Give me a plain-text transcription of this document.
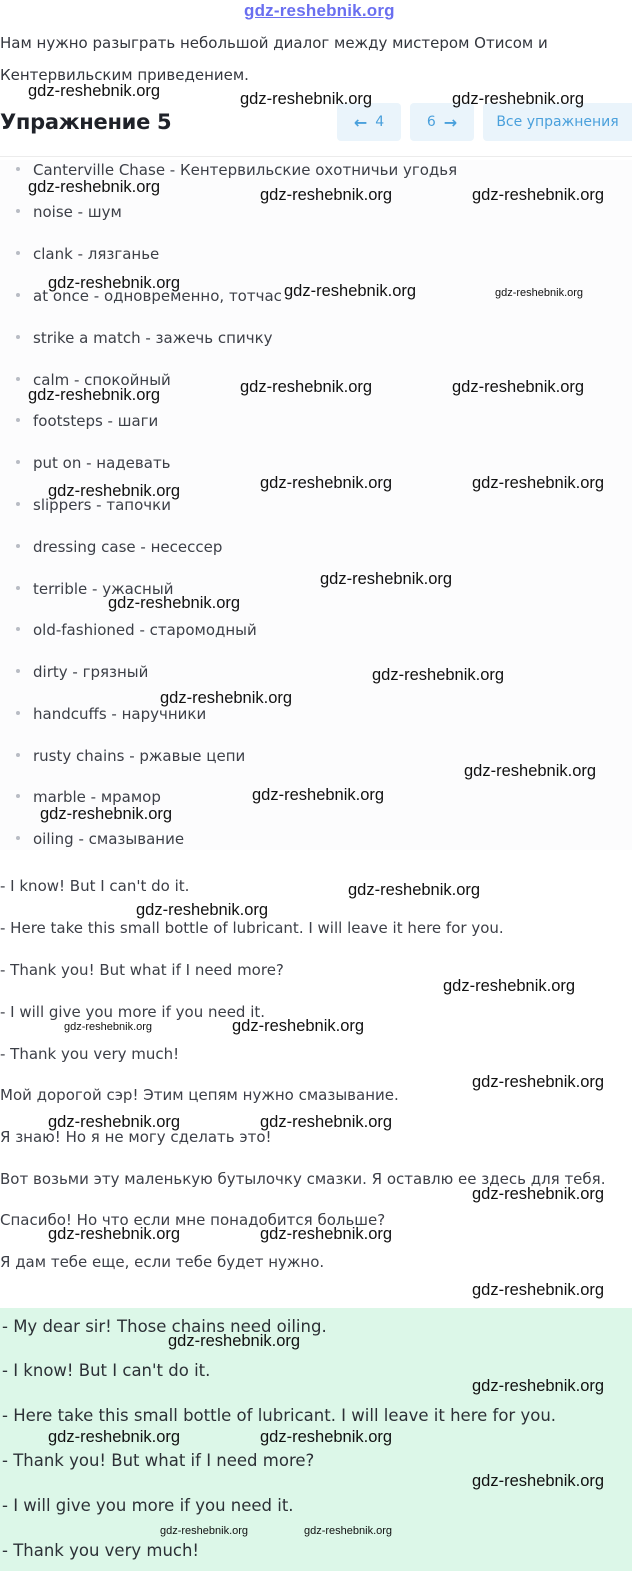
gdz-reshebnik.org
Нам нужно разыграть небольшой диалог между мистером Отисом и
Кентервильским приведением.
Упражнение 5	← 4	6 →	Все упражнения
Canterville Chase - Кентервильские охотничьи угодья
noise - шум
clank - лязганье
at once - одновременно, тотчас
strike a match - зажечь спичку
calm - спокойный
footsteps - шаги
put on - надевать
slippers - тапочки
dressing case - несессер
terrible - ужасный
old-fashioned - старомодный
dirty - грязный
handcuffs - наручники
rusty chains - ржавые цепи
marble - мрамор
oiling - смазывание
- I know! But I can't do it.
- Here take this small bottle of lubricant. I will leave it here for you.
- Thank you! But what if I need more?
- I will give you more if you need it.
- Thank you very much!
Мой дорогой сэр! Этим цепям нужно смазывание.
Я знаю! Но я не могу сделать это!
Вот возьми эту маленькую бутылочку смазки. Я оставлю ее здесь для тебя.
Спасибо! Но что если мне понадобится больше?
Я дам тебе еще, если тебе будет нужно.
- My dear sir! Those chains need oiling.
- I know! But I can't do it.
- Here take this small bottle of lubricant. I will leave it here for you.
- Thank you! But what if I need more?
- I will give you more if you need it.
- Thank you very much!
gdz-reshebnik.org	gdz-reshebnik.org	gdz-reshebnik.org
gdz-reshebnik.org	gdz-reshebnik.org	gdz-reshebnik.org
gdz-reshebnik.org	gdz-reshebnik.org	gdz-reshebnik.org
gdz-reshebnik.org	gdz-reshebnik.org	gdz-reshebnik.org
gdz-reshebnik.org	gdz-reshebnik.org	gdz-reshebnik.org
gdz-reshebnik.org
gdz-reshebnik.org
gdz-reshebnik.org
gdz-reshebnik.org
gdz-reshebnik.org
gdz-reshebnik.org
gdz-reshebnik.org
gdz-reshebnik.org
gdz-reshebnik.org
gdz-reshebnik.org
gdz-reshebnik.org	gdz-reshebnik.org
gdz-reshebnik.org
gdz-reshebnik.org	gdz-reshebnik.org
gdz-reshebnik.org
gdz-reshebnik.org	gdz-reshebnik.org
gdz-reshebnik.org
gdz-reshebnik.org
gdz-reshebnik.org
gdz-reshebnik.org	gdz-reshebnik.org
gdz-reshebnik.org
gdz-reshebnik.org	gdz-reshebnik.org
